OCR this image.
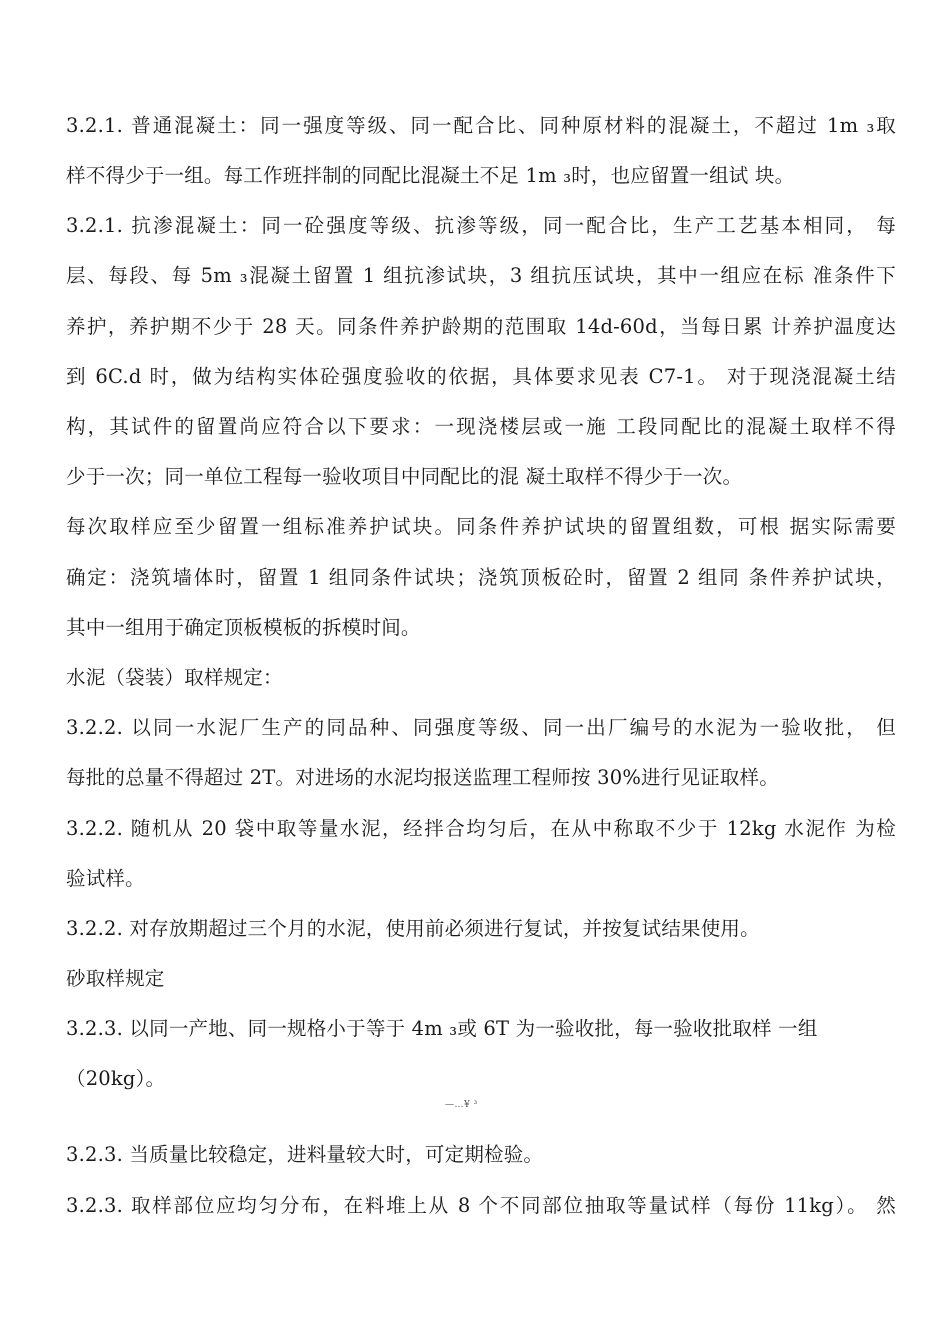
3.2.1. 普通混凝土：同一强度等级、同一配合比、同种原材料的混凝土，不超过 1m ₃取
样不得少于一组。每工作班拌制的同配比混凝土不足 1m ₃时，也应留置一组试 块。
3.2.1. 抗渗混凝土：同一砼强度等级、抗渗等级，同一配合比，生产工艺基本相同， 每
层、每段、每 5m ₃混凝土留置 1 组抗渗试块，3 组抗压试块，其中一组应在标 准条件下
养护，养护期不少于 28 天。同条件养护龄期的范围取 14d-60d，当每日累 计养护温度达
到 6C.d 时，做为结构实体砼强度验收的依据，具体要求见表 C7-1。 对于现浇混凝土结
构，其试件的留置尚应符合以下要求：一现浇楼层或一施 工段同配比的混凝土取样不得
少于一次；同一单位工程每一验收项目中同配比的混 凝土取样不得少于一次。
每次取样应至少留置一组标准养护试块。同条件养护试块的留置组数，可根 据实际需要
确定：浇筑墙体时，留置 1 组同条件试块；浇筑顶板砼时，留置 2 组同 条件养护试块，
其中一组用于确定顶板模板的拆模时间。
水泥（袋装）取样规定：
3.2.2. 以同一水泥厂生产的同品种、同强度等级、同一出厂编号的水泥为一验收批， 但
每批的总量不得超过 2T。对进场的水泥均报送监理工程师按 30%进行见证取样。
3.2.2. 随机从 20 袋中取等量水泥，经拌合均匀后，在从中称取不少于 12kg 水泥作 为检
验试样。
3.2.2. 对存放期超过三个月的水泥，使用前必须进行复试，并按复试结果使用。
砂取样规定
3.2.3. 以同一产地、同一规格小于等于 4m ₃或 6T 为一验收批，每一验收批取样 一组
（20kg）。
—…¥ ³
3.2.3. 当质量比较稳定，进料量较大时，可定期检验。
3.2.3. 取样部位应均匀分布，在料堆上从 8 个不同部位抽取等量试样（每份 11kg）。 然
